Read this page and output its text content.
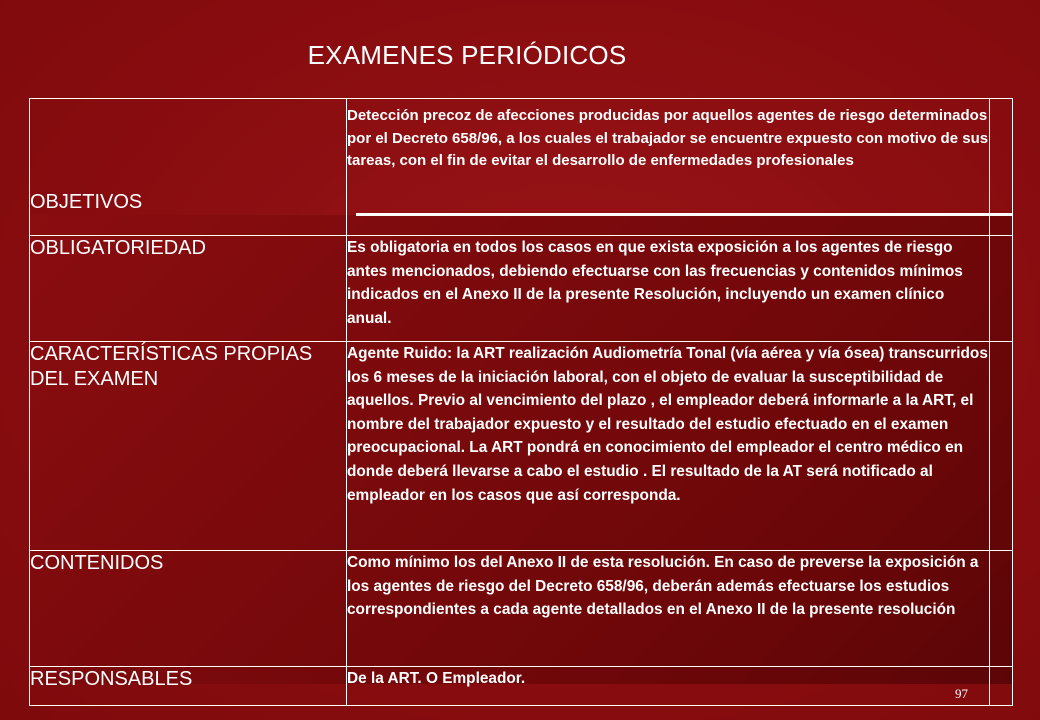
EXAMENES PERIÓDICOS
OBJETIVOS	Detección precoz de afecciones producidas por aquellos agentes de riesgo determinados por el Decreto 658/96, a los cuales el trabajador se encuentre expuesto con motivo de sus tareas, con el fin de evitar el desarrollo de enfermedades profesionales	
OBLIGATORIEDAD	Es obligatoria en todos los casos en que exista exposición a los agentes de riesgo antes mencionados, debiendo efectuarse con las frecuencias y contenidos mínimos indicados en el Anexo II de la presente Resolución, incluyendo un examen clínico anual.	
CARACTERÍSTICAS PROPIAS DEL EXAMEN	Agente Ruido: la ART realización Audiometría Tonal (vía aérea y vía ósea) transcurridos los 6 meses de la iniciación laboral, con el objeto de evaluar la susceptibilidad de aquellos. Previo al vencimiento del plazo , el empleador deberá informarle a la ART, el nombre del trabajador expuesto y el resultado del estudio efectuado en el examen preocupacional. La ART pondrá en conocimiento del empleador el centro médico en donde deberá llevarse a cabo el estudio . El resultado de la AT será notificado al empleador en los casos que así corresponda.	
CONTENIDOS	Como mínimo los del Anexo II de esta resolución. En caso de preverse la exposición a los agentes de riesgo del Decreto 658/96, deberán además efectuarse los estudios correspondientes a cada agente detallados en el Anexo II de la presente resolución	
RESPONSABLES	De la ART. O Empleador.	
97
